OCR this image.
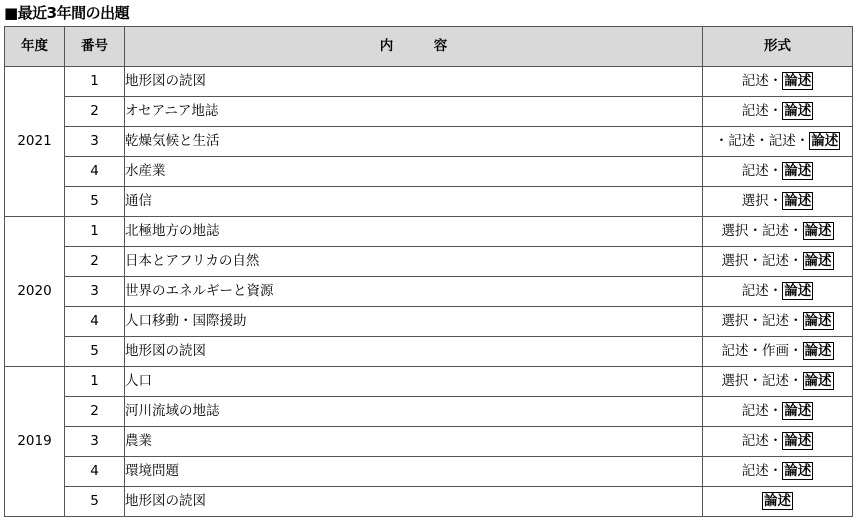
■最近3年間の出題
年度	番号	内　　　容	形式
2021	1	地形図の読図	記述・ 論述
	2	オセアニア地誌	記述・ 論述
	3	乾燥気候と生活	・記述・記述・ 論述
	4	水産業	記述・ 論述
	5	通信	選択・ 論述
2020	1	北極地方の地誌	選択・記述・ 論述
	2	日本とアフリカの自然	選択・記述・ 論述
	3	世界のエネルギーと資源	記述・ 論述
	4	人口移動・国際援助	選択・記述・ 論述
	5	地形図の読図	記述・作画・ 論述
2019	1	人口	選択・記述・ 論述
	2	河川流域の地誌	記述・ 論述
	3	農業	記述・ 論述
	4	環境問題	記述・ 論述
	5	地形図の読図	論述
